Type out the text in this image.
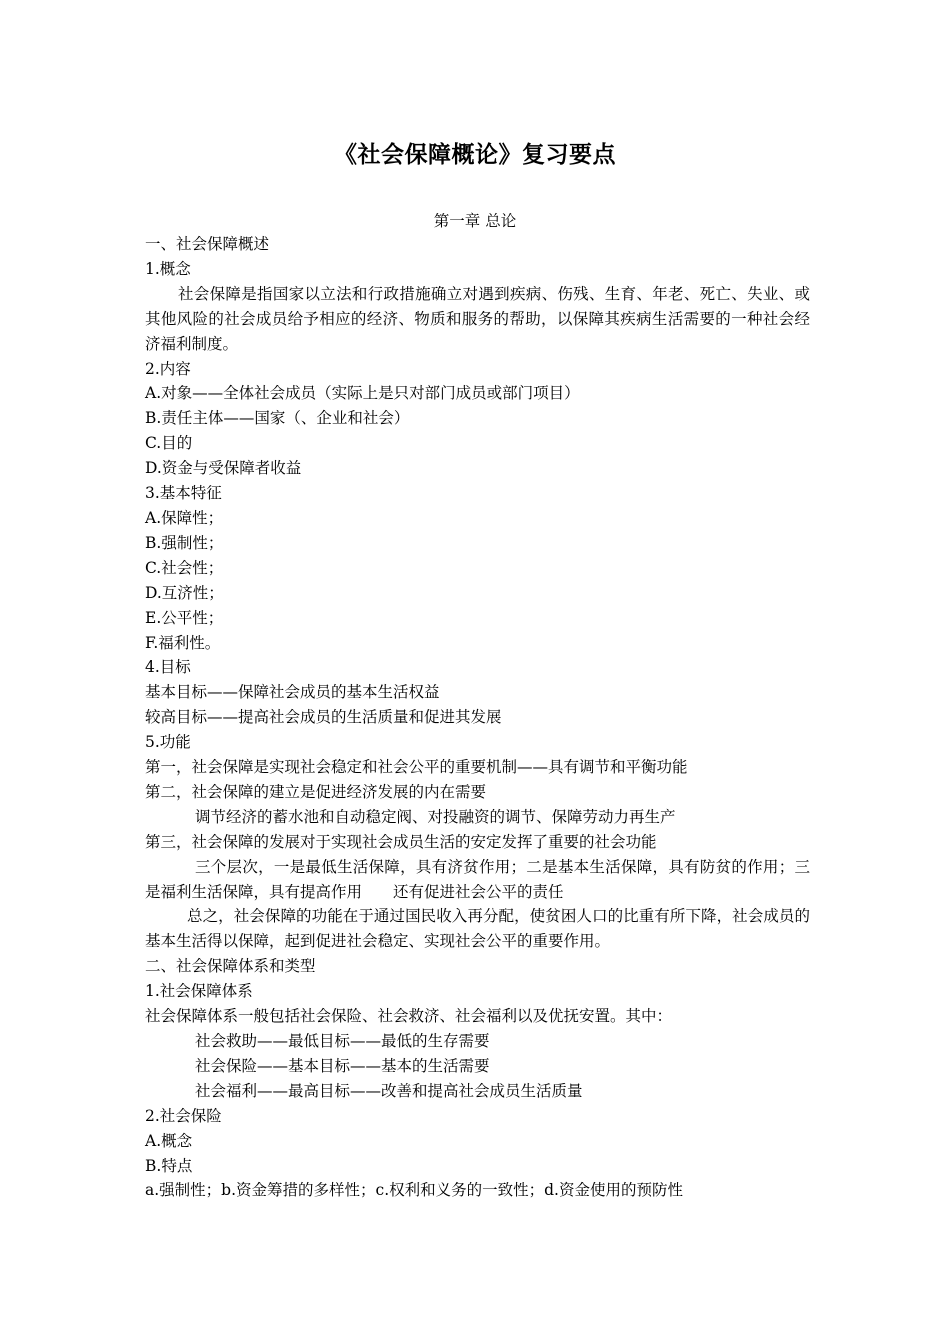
《社会保障概论》复习要点
第一章 总论

一、社会保障概述

1.概念

社会保障是指国家以立法和行政措施确立对遇到疾病、伤残、生育、年老、死亡、失业、或其他风险的社会成员给予相应的经济、物质和服务的帮助，以保障其疾病生活需要的一种社会经济福利制度。

2.内容

A.对象——全体社会成员（实际上是只对部门成员或部门项目）

B.责任主体——国家（、企业和社会）

C.目的

D.资金与受保障者收益

3.基本特征

A.保障性；

B.强制性；

C.社会性；

D.互济性；

E.公平性；

F.福利性。

4.目标

基本目标——保障社会成员的基本生活权益

较高目标——提高社会成员的生活质量和促进其发展

5.功能

第一，社会保障是实现社会稳定和社会公平的重要机制——具有调节和平衡功能

第二，社会保障的建立是促进经济发展的内在需要

调节经济的蓄水池和自动稳定阀、对投融资的调节、保障劳动力再生产

第三，社会保障的发展对于实现社会成员生活的安定发挥了重要的社会功能

三个层次，一是最低生活保障，具有济贫作用；二是基本生活保障，具有防贫的作用；三是福利生活保障，具有提高作用　　还有促进社会公平的责任

总之，社会保障的功能在于通过国民收入再分配，使贫困人口的比重有所下降，社会成员的基本生活得以保障，起到促进社会稳定、实现社会公平的重要作用。

二、社会保障体系和类型

1.社会保障体系

社会保障体系一般包括社会保险、社会救济、社会福利以及优抚安置。其中：

社会救助——最低目标——最低的生存需要

社会保险——基本目标——基本的生活需要

社会福利——最高目标——改善和提高社会成员生活质量

2.社会保险

A.概念

B.特点

a.强制性；b.资金筹措的多样性；c.权利和义务的一致性；d.资金使用的预防性
